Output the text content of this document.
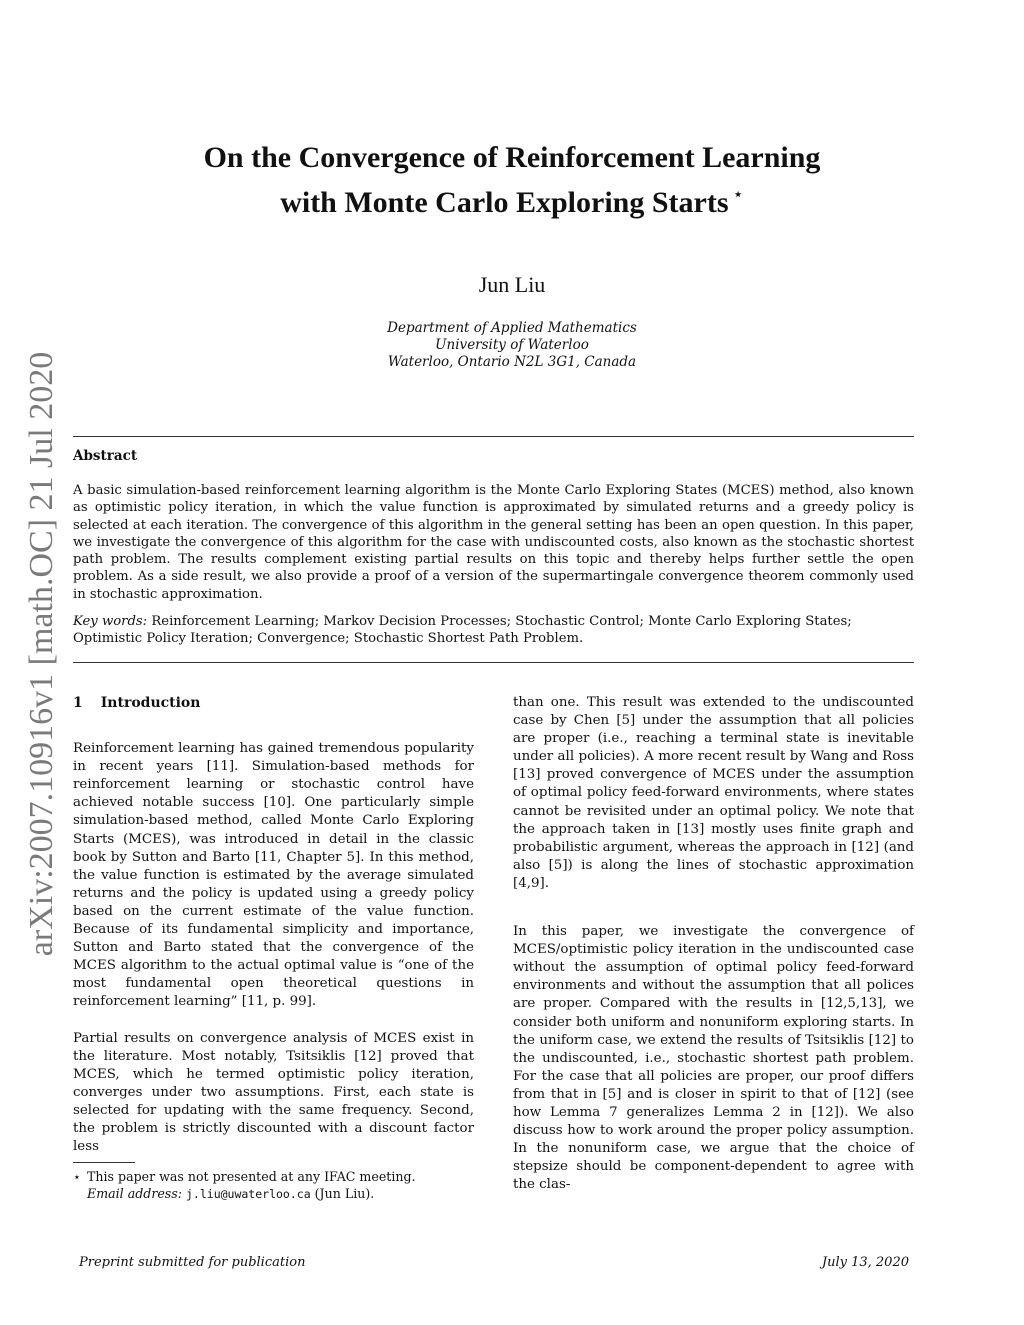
arXiv:2007.10916v1 [math.OC] 21 Jul 2020
On the Convergence of Reinforcement Learning
with Monte Carlo Exploring Starts ⋆
Jun Liu
Department of Applied Mathematics
University of Waterloo
Waterloo, Ontario N2L 3G1, Canada
Abstract
A basic simulation-based reinforcement learning algorithm is the Monte Carlo Exploring States (MCES) method, also known as optimistic policy iteration, in which the value function is approximated by simulated returns and a greedy policy is selected at each iteration. The convergence of this algorithm in the general setting has been an open question. In this paper, we investigate the convergence of this algorithm for the case with undiscounted costs, also known as the stochastic shortest path problem. The results complement existing partial results on this topic and thereby helps further settle the open problem. As a side result, we also provide a proof of a version of the supermartingale convergence theorem commonly used in stochastic approximation.
Key words: Reinforcement Learning; Markov Decision Processes; Stochastic Control; Monte Carlo Exploring States; Optimistic Policy Iteration; Convergence; Stochastic Shortest Path Problem.
1 Introduction

Reinforcement learning has gained tremendous popularity in recent years [11]. Simulation-based methods for reinforcement learning or stochastic control have achieved notable success [10]. One particularly simple simulation-based method, called Monte Carlo Exploring Starts (MCES), was introduced in detail in the classic book by Sutton and Barto [11, Chapter 5]. In this method, the value function is estimated by the average simulated returns and the policy is updated using a greedy policy based on the current estimate of the value function. Because of its fundamental simplicity and importance, Sutton and Barto stated that the convergence of the MCES algorithm to the actual optimal value is “one of the most fundamental open theoretical questions in reinforcement learning” [11, p. 99].

Partial results on convergence analysis of MCES exist in the literature. Most notably, Tsitsiklis [12] proved that MCES, which he termed optimistic policy iteration, converges under two assumptions. First, each state is selected for updating with the same frequency. Second, the problem is strictly discounted with a discount factor less

than one. This result was extended to the undiscounted case by Chen [5] under the assumption that all policies are proper (i.e., reaching a terminal state is inevitable under all policies). A more recent result by Wang and Ross [13] proved convergence of MCES under the assumption of optimal policy feed-forward environments, where states cannot be revisited under an optimal policy. We note that the approach taken in [13] mostly uses finite graph and probabilistic argument, whereas the approach in [12] (and also [5]) is along the lines of stochastic approximation [4,9].

In this paper, we investigate the convergence of MCES/optimistic policy iteration in the undiscounted case without the assumption of optimal policy feed-forward environments and without the assumption that all polices are proper. Compared with the results in [12,5,13], we consider both uniform and nonuniform exploring starts. In the uniform case, we extend the results of Tsitsiklis [12] to the undiscounted, i.e., stochastic shortest path problem. For the case that all policies are proper, our proof differs from that in [5] and is closer in spirit to that of [12] (see how Lemma 7 generalizes Lemma 2 in [12]). We also discuss how to work around the proper policy assumption. In the nonuniform case, we argue that the choice of stepsize should be component-dependent to agree with the clas-

⋆ This paper was not presented at any IFAC meeting.
Email address: j.liu@uwaterloo.ca (Jun Liu).
Preprint submitted for publication	July 13, 2020
